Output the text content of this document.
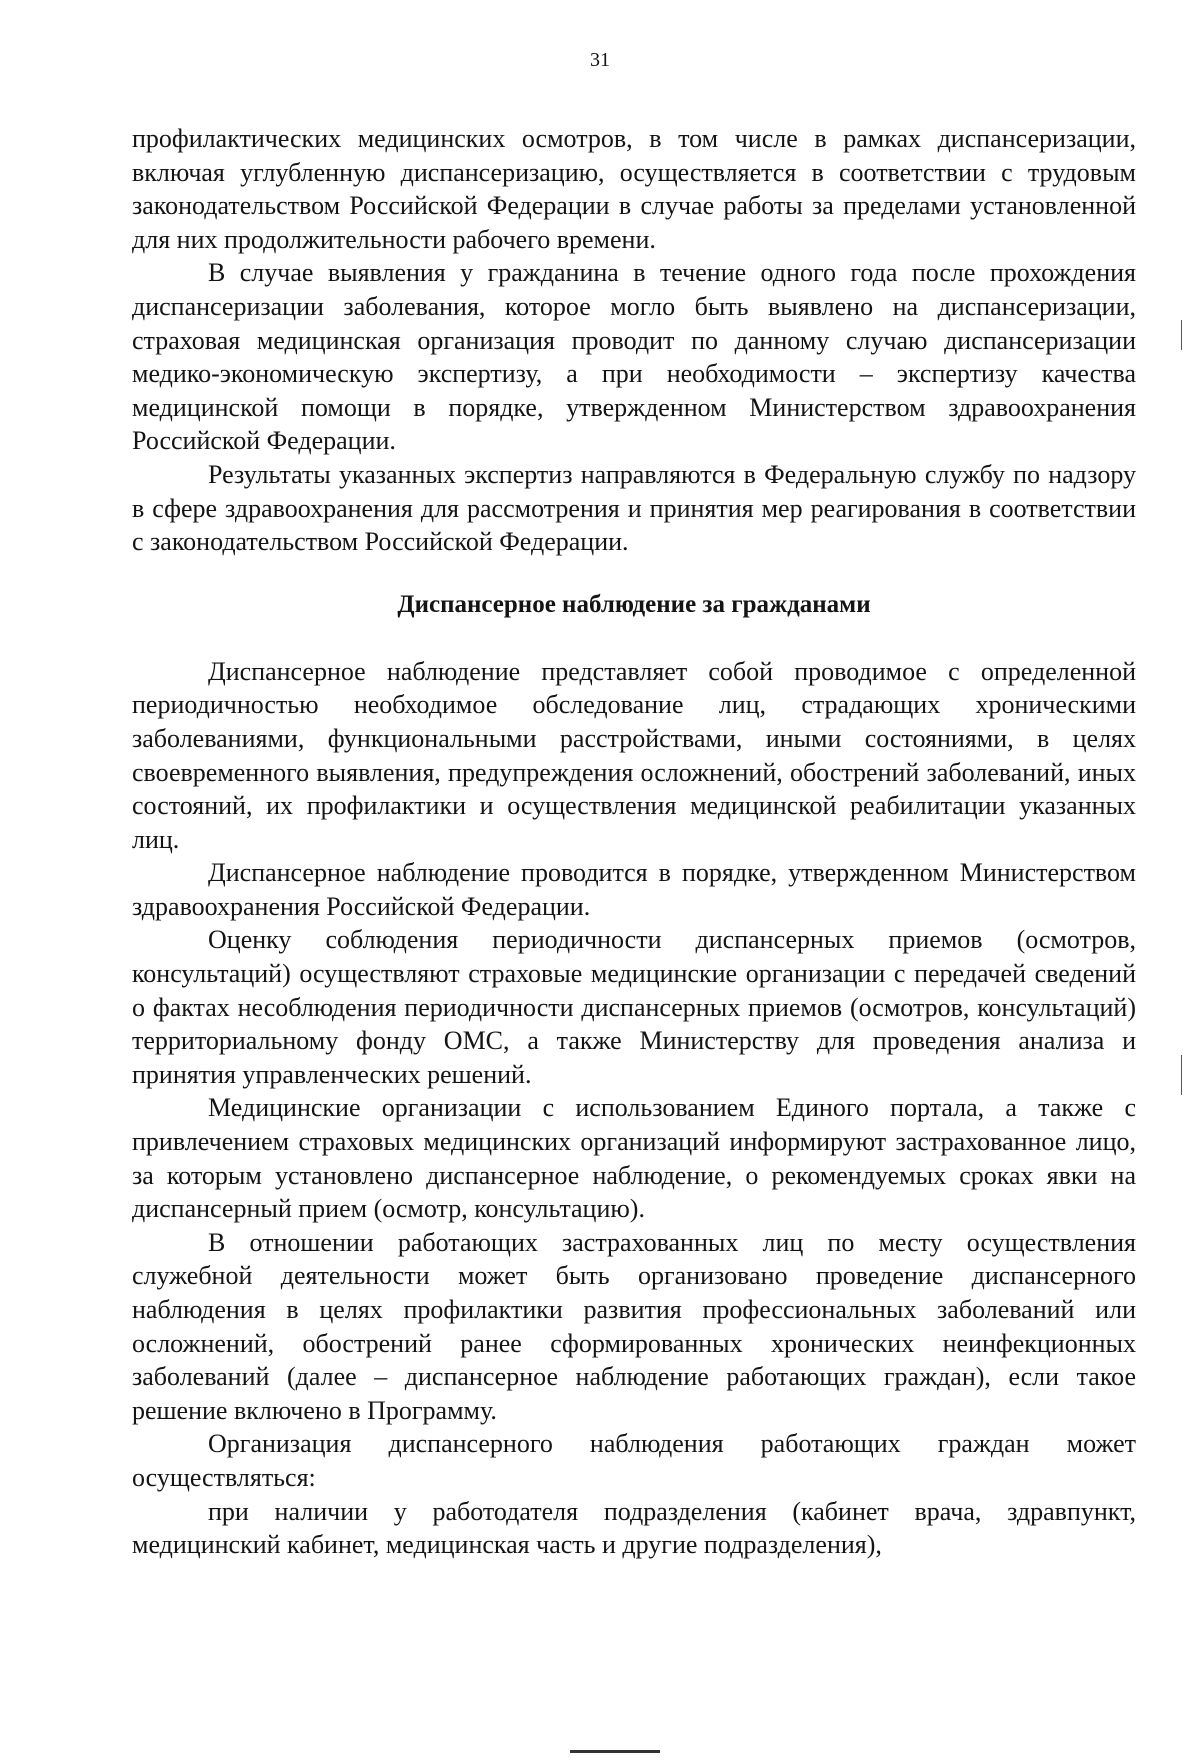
31

профилактических медицинских осмотров, в том числе в рамках диспансеризации, включая углубленную диспансеризацию, осуществляется в соответствии с трудовым законодательством Российской Федерации в случае работы за пределами установленной для них продолжительности рабочего времени.

В случае выявления у гражданина в течение одного года после прохождения диспансеризации заболевания, которое могло быть выявлено на диспансеризации, страховая медицинская организация проводит по данному случаю диспансеризации медико-экономическую экспертизу, а при необходимости – экспертизу качества медицинской помощи в порядке, утвержденном Министерством здравоохранения Российской Федерации.

Результаты указанных экспертиз направляются в Федеральную службу по надзору в сфере здравоохранения для рассмотрения и принятия мер реагирования в соответствии с законодательством Российской Федерации.

Диспансерное наблюдение за гражданами

Диспансерное наблюдение представляет собой проводимое с определенной периодичностью необходимое обследование лиц, страдающих хроническими заболеваниями, функциональными расстройствами, иными состояниями, в целях своевременного выявления, предупреждения осложнений, обострений заболеваний, иных состояний, их профилактики и осуществления медицинской реабилитации указанных лиц.

Диспансерное наблюдение проводится в порядке, утвержденном Министерством здравоохранения Российской Федерации.

Оценку соблюдения периодичности диспансерных приемов (осмотров, консультаций) осуществляют страховые медицинские организации с передачей сведений о фактах несоблюдения периодичности диспансерных приемов (осмотров, консультаций) территориальному фонду ОМС, а также Министерству для проведения анализа и принятия управленческих решений.

Медицинские организации с использованием Единого портала, а также с привлечением страховых медицинских организаций информируют застрахованное лицо, за которым установлено диспансерное наблюдение, о рекомендуемых сроках явки на диспансерный прием (осмотр, консультацию).

В отношении работающих застрахованных лиц по месту осуществления служебной деятельности может быть организовано проведение диспансерного наблюдения в целях профилактики развития профессиональных заболеваний или осложнений, обострений ранее сформированных хронических неинфекционных заболеваний (далее – диспансерное наблюдение работающих граждан), если такое решение включено в Программу.

Организация диспансерного наблюдения работающих граждан может осуществляться:

при наличии у работодателя подразделения (кабинет врача, здравпункт, медицинский кабинет, медицинская часть и другие подразделения),
